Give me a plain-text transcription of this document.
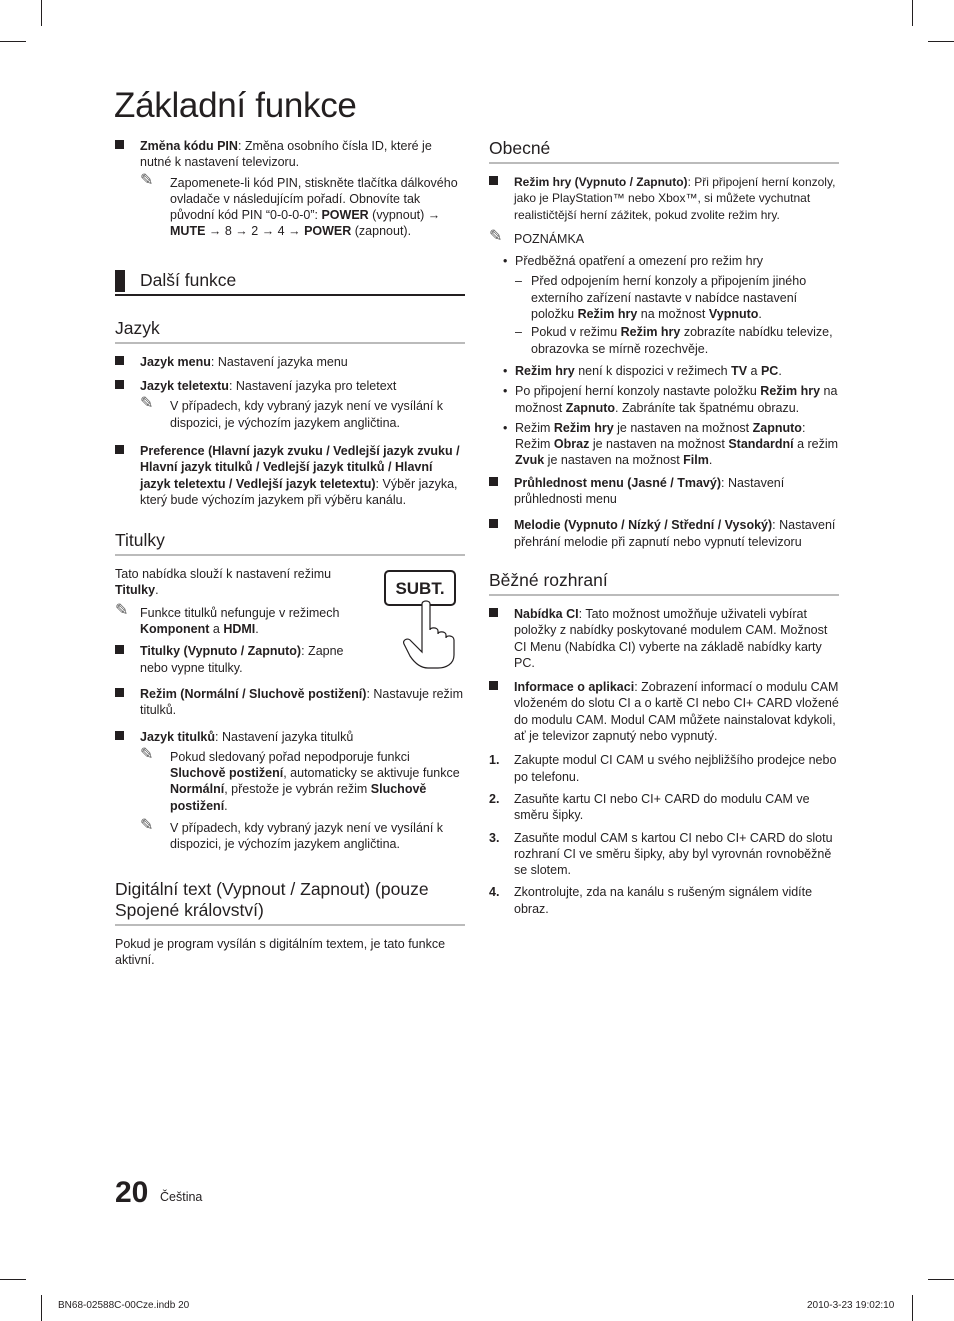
Základní funkce
Změna kódu PIN: Změna osobního čísla ID, které je nutné k nastavení televizoru.
✎ Zapomenete-li kód PIN, stiskněte tlačítka dálkového ovladače v následujícím pořadí. Obnovíte tak původní kód PIN “0-0-0-0”: POWER (vypnout) → MUTE → 8 → 2 → 4 → POWER (zapnout).
Další funkce
Jazyk
Jazyk menu: Nastavení jazyka menu
Jazyk teletextu: Nastavení jazyka pro teletext
✎ V případech, kdy vybraný jazyk není ve vysílání k dispozici, je výchozím jazykem angličtina.
Preference (Hlavní jazyk zvuku / Vedlejší jazyk zvuku / Hlavní jazyk titulků / Vedlejší jazyk titulků / Hlavní jazyk teletextu / Vedlejší jazyk teletextu): Výběr jazyka, který bude výchozím jazykem při výběru kanálu.
Titulky
Tato nabídka slouží k nastavení režimu Titulky.
✎ Funkce titulků nefunguje v režimech Komponent a HDMI.
Titulky (Vypnuto / Zapnuto): Zapne nebo vypne titulky.
Režim (Normální / Sluchově postižení): Nastavuje režim titulků.
Jazyk titulků: Nastavení jazyka titulků
✎ Pokud sledovaný pořad nepodporuje funkci Sluchově postižení, automaticky se aktivuje funkce Normální, přestože je vybrán režim Sluchově postižení.
✎ V případech, kdy vybraný jazyk není ve vysílání k dispozici, je výchozím jazykem angličtina.
Digitální text (Vypnout / Zapnout) (pouze Spojené království)
Pokud je program vysílán s digitálním textem, je tato funkce aktivní.
SUBT.
Obecné
Režim hry (Vypnuto / Zapnuto): Při připojení herní konzoly, jako je PlayStation™ nebo Xbox™, si můžete vychutnat realističtější herní zážitek, pokud zvolite režim hry.
✎ POZNÁMKA
• Předběžná opatření a omezení pro režim hry
– Před odpojením herní konzoly a připojením jiného externího zařízení nastavte v nabídce nastavení položku Režim hry na možnost Vypnuto.
– Pokud v režimu Režim hry zobrazíte nabídku televize, obrazovka se mírně rozechvěje.
• Režim hry není k dispozici v režimech TV a PC.
• Po připojení herní konzoly nastavte položku Režim hry na možnost Zapnuto. Zabráníte tak špatnému obrazu.
• Režim Režim hry je nastaven na možnost Zapnuto: Režim Obraz je nastaven na možnost Standardní a režim Zvuk je nastaven na možnost Film.
Průhlednost menu (Jasné / Tmavý): Nastavení průhlednosti menu
Melodie (Vypnuto / Nízký / Střední / Vysoký): Nastavení přehrání melodie při zapnutí nebo vypnutí televizoru
Běžné rozhraní
Nabídka CI: Tato možnost umožňuje uživateli vybírat položky z nabídky poskytované modulem CAM. Možnost CI Menu (Nabídka CI) vyberte na základě nabídky karty PC.
Informace o aplikaci: Zobrazení informací o modulu CAM vloženém do slotu CI a o kartě CI nebo CI+ CARD vložené do modulu CAM. Modul CAM můžete nainstalovat kdykoli, ať je televizor zapnutý nebo vypnutý.
1. Zakupte modul CI CAM u svého nejbližšího prodejce nebo po telefonu.
2. Zasuňte kartu CI nebo CI+ CARD do modulu CAM ve směru šipky.
3. Zasuňte modul CAM s kartou CI nebo CI+ CARD do slotu rozhraní CI ve směru šipky, aby byl vyrovnán rovnoběžně se slotem.
4. Zkontrolujte, zda na kanálu s rušeným signálem vidíte obraz.
20 Čeština
BN68-02588C-00Cze.indb 20	2010-3-23 19:02:10
